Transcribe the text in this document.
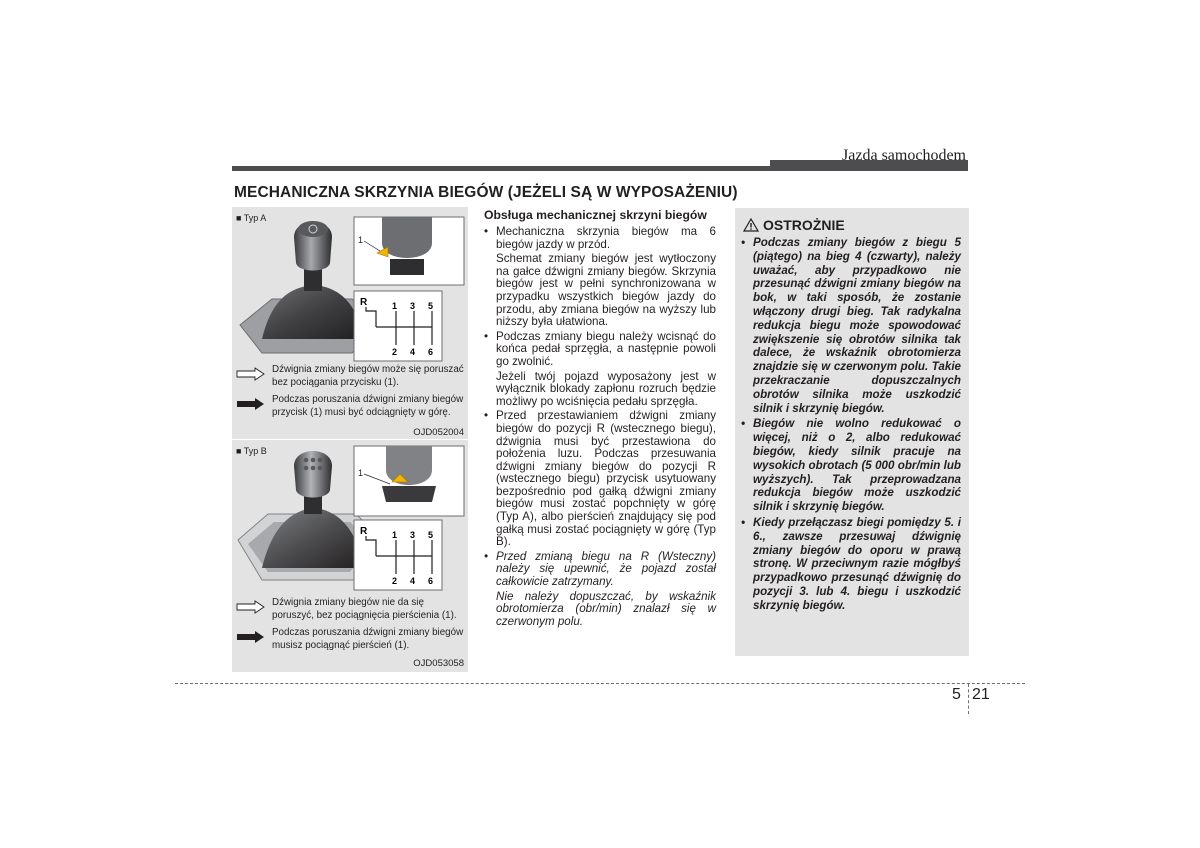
Jazda samochodem
MECHANICZNA SKRZYNIA BIEGÓW (JEŻELI SĄ W WYPOSAŻENIU)
■ Typ A
1
R	1 3 5
2 4 6
Dźwignia zmiany biegów może się poruszać bez pociągania przycisku (1).
Podczas poruszania dźwigni zmiany biegów przycisk (1) musi być odciągnięty w górę.
OJD052004
■ Typ B
1
R	1 3 5
2 4 6
Dźwignia zmiany biegów nie da się poruszyć, bez pociągnięcia pierścienia (1).
Podczas poruszania dźwigni zmiany biegów musisz pociągnąć pierścień (1).
OJD053058
Obsługa mechanicznej skrzyni biegów

• Mechaniczna skrzynia biegów ma 6 biegów jazdy w przód.

Schemat zmiany biegów jest wytłoczony na gałce dźwigni zmiany biegów. Skrzynia biegów jest w pełni synchronizowana w przypadku wszystkich biegów jazdy do przodu, aby zmiana biegów na wyższy lub niższy była ułatwiona.

• Podczas zmiany biegu należy wcisnąć do końca pedał sprzęgła, a następnie powoli go zwolnić.

Jeżeli twój pojazd wyposażony jest w wyłącznik blokady zapłonu rozruch będzie możliwy po wciśnięcia pedału sprzęgła.

• Przed przestawianiem dźwigni zmiany biegów do pozycji R (wstecznego biegu), dźwignia musi być przestawiona do położenia luzu. Podczas przesuwania dźwigni zmiany biegów do pozycji R (wstecznego biegu) przycisk usytuowany bezpośrednio pod gałką dźwigni zmiany biegów musi zostać popchnięty w górę (Typ A), albo pierścień znajdujący się pod gałką musi zostać pociągnięty w górę (Typ B).

• Przed zmianą biegu na R (Wsteczny) należy się upewnić, że pojazd został całkowicie zatrzymany.

Nie należy dopuszczać, by wskaźnik obrotomierza (obr/min) znalazł się w czerwonym polu.

OSTROŻNIE

• Podczas zmiany biegów z biegu 5 (piątego) na bieg 4 (czwarty), należy uważać, aby przypadkowo nie przesunąć dźwigni zmiany biegów na bok, w taki sposób, że zostanie włączony drugi bieg. Tak radykalna redukcja biegu może spowodować zwiększenie się obrotów silnika tak dalece, że wskaźnik obrotomierza znajdzie się w czerwonym polu. Takie przekraczanie dopuszczalnych obrotów silnika może uszkodzić silnik i skrzynię biegów.

• Biegów nie wolno redukować o więcej, niż o 2, albo redukować biegów, kiedy silnik pracuje na wysokich obrotach (5 000 obr/min lub wyższych). Tak przeprowadzana redukcja biegów może uszkodzić silnik i skrzynię biegów.

• Kiedy przełączasz biegi pomiędzy 5. i 6., zawsze przesuwaj dźwignię zmiany biegów do oporu w prawą stronę. W przeciwnym razie mógłbyś przypadkowo przesunąć dźwignię do pozycji 3. lub 4. biegu i uszkodzić skrzynię biegów.

5 21
